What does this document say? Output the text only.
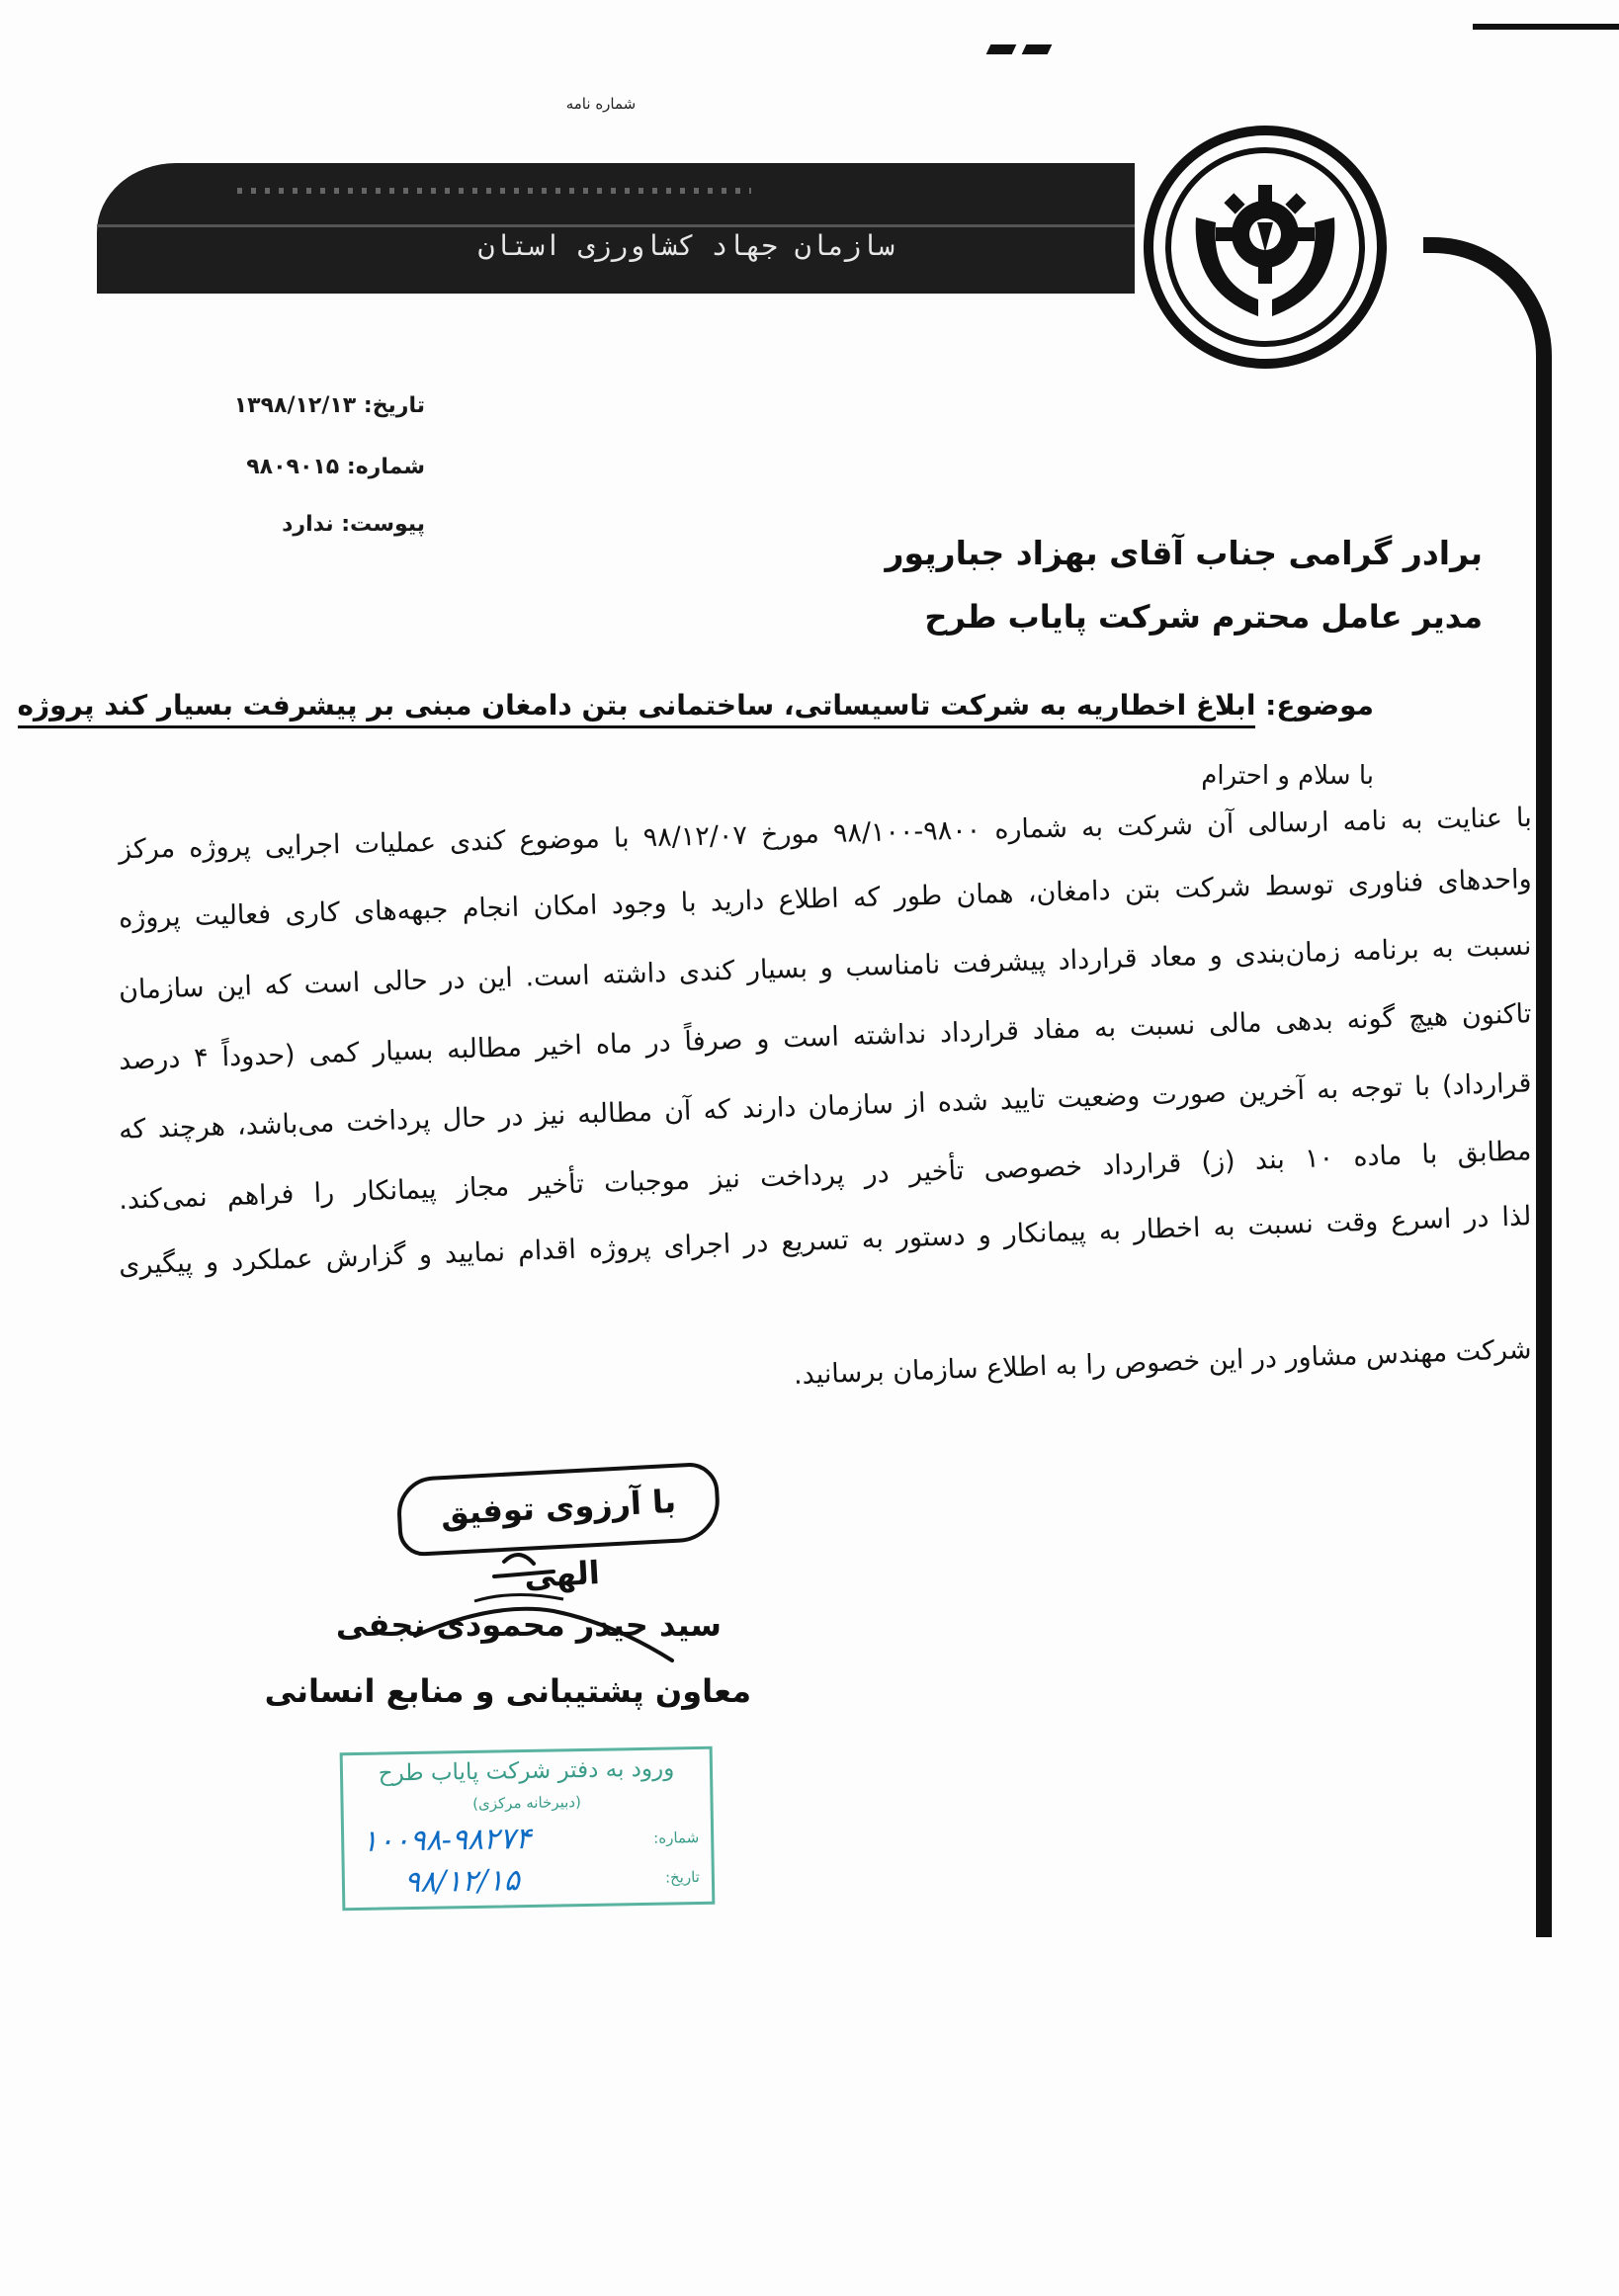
شماره نامه
سازمان جهاد کشاورزی استان
تاریخ: ۱۳۹۸/۱۲/۱۳
شماره: ۹۸۰۹۰۱۵
پیوست: ندارد
برادر گرامی جناب آقای بهزاد جبارپور
مدیر عامل محترم شرکت پایاب طرح
موضوع: ابلاغ اخطاریه به شرکت تاسیساتی، ساختمانی بتن دامغان مبنی بر پیشرفت بسیار کند پروژه
با سلام و احترام
با عنایت به نامه ارسالی آن شرکت به شماره ۹۸۰۰-۹۸/۱۰۰ مورخ ۹۸/۱۲/۰۷ با موضوع کندی عملیات اجرایی پروژه مرکز
واحدهای فناوری توسط شرکت بتن دامغان، همان طور که اطلاع دارید با وجود امکان انجام جبهه‌های کاری فعالیت پروژه
نسبت به برنامه زمان‌بندی و معاد قرارداد پیشرفت نامناسب و بسیار کندی داشته است. این در حالی است که این سازمان
تاکنون هیچ گونه بدهی مالی نسبت به مفاد قرارداد نداشته است و صرفاً در ماه اخیر مطالبه بسیار کمی (حدوداً ۴ درصد
قرارداد) با توجه به آخرین صورت وضعیت تایید شده از سازمان دارند که آن مطالبه نیز در حال پرداخت می‌باشد، هرچند که
مطابق با ماده ۱۰ بند (ز) قرارداد خصوصی تأخیر در پرداخت نیز موجبات تأخیر مجاز پیمانکار را فراهم نمی‌کند.
لذا در اسرع وقت نسبت به اخطار به پیمانکار و دستور به تسریع در اجرای پروژه اقدام نمایید و گزارش عملکرد و پیگیری
شرکت مهندس مشاور در این خصوص را به اطلاع سازمان برسانید.
با آرزوی توفیق الهی
سید حیدر محمودی نجفی
معاون پشتیبانی و منابع انسانی
ورود به دفتر شرکت پایاب طرح
(دبیرخانه مرکزی)
شماره:
۱۰۰۹۸-۹۸۲۷۴
تاریخ:
۹۸/۱۲/۱۵
